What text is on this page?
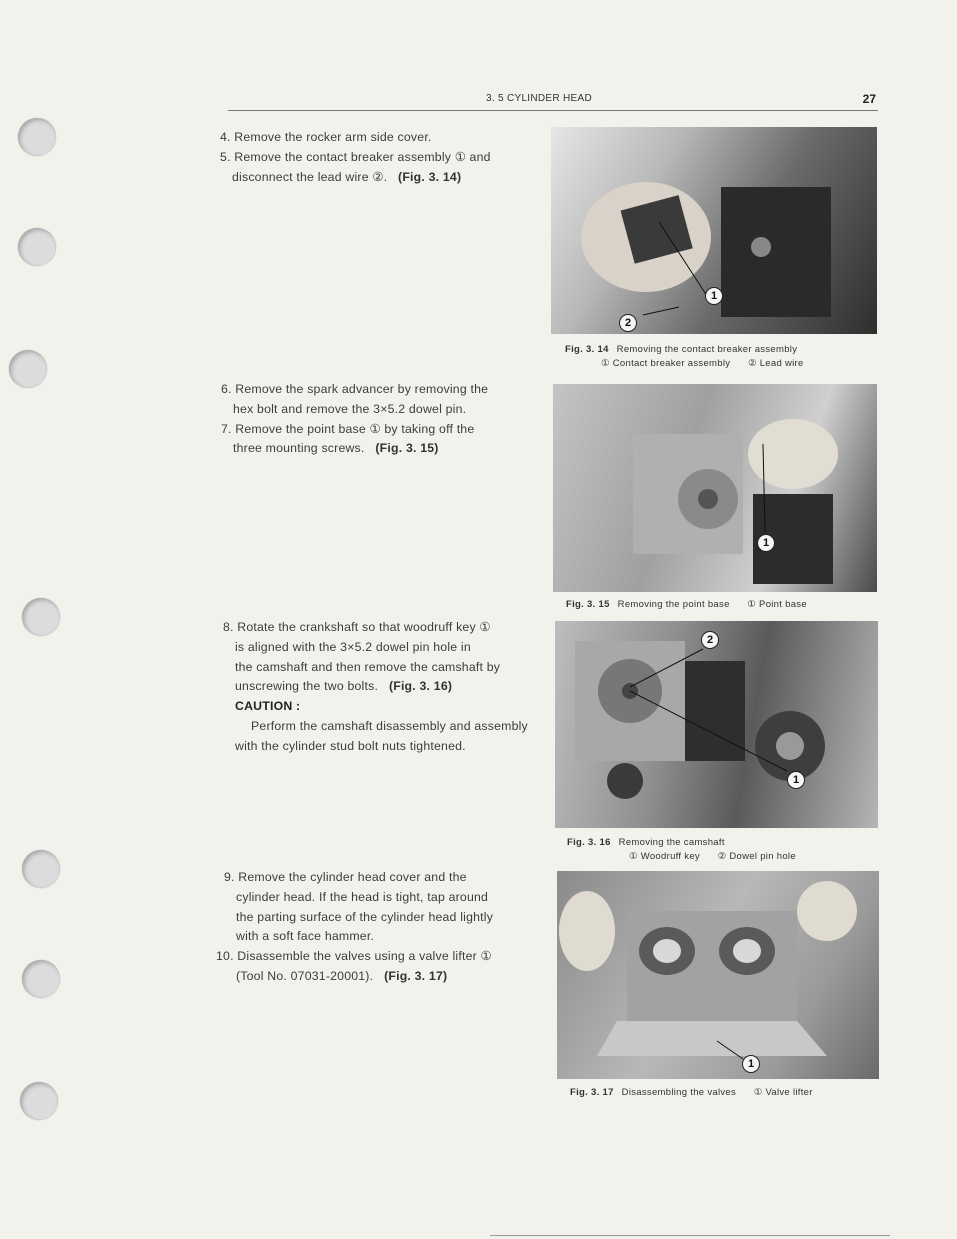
3. 5 CYLINDER HEAD	27

4. Remove the rocker arm side cover.

5. Remove the contact breaker assembly ① and

disconnect the lead wire ②. (Fig. 3. 14)

6. Remove the spark advancer by removing the

hex bolt and remove the 3×5.2 dowel pin.

7. Remove the point base ① by taking off the

three mounting screws. (Fig. 3. 15)

8. Rotate the crankshaft so that woodruff key ①

is aligned with the 3×5.2 dowel pin hole in

the camshaft and then remove the camshaft by

unscrewing the two bolts. (Fig. 3. 16)

CAUTION :

Perform the camshaft disassembly and assembly

with the cylinder stud bolt nuts tightened.

9. Remove the cylinder head cover and the

cylinder head. If the head is tight, tap around

the parting surface of the cylinder head lightly

with a soft face hammer.

10. Disassemble the valves using a valve lifter ①

(Tool No. 07031-20001). (Fig. 3. 17)

1
2
Fig. 3. 14 Removing the contact breaker assembly
① Contact breaker assembly ② Lead wire
1
Fig. 3. 15 Removing the point base ① Point base
1
2
Fig. 3. 16 Removing the camshaft
① Woodruff key ② Dowel pin hole
1
Fig. 3. 17 Disassembling the valves ① Valve lifter
